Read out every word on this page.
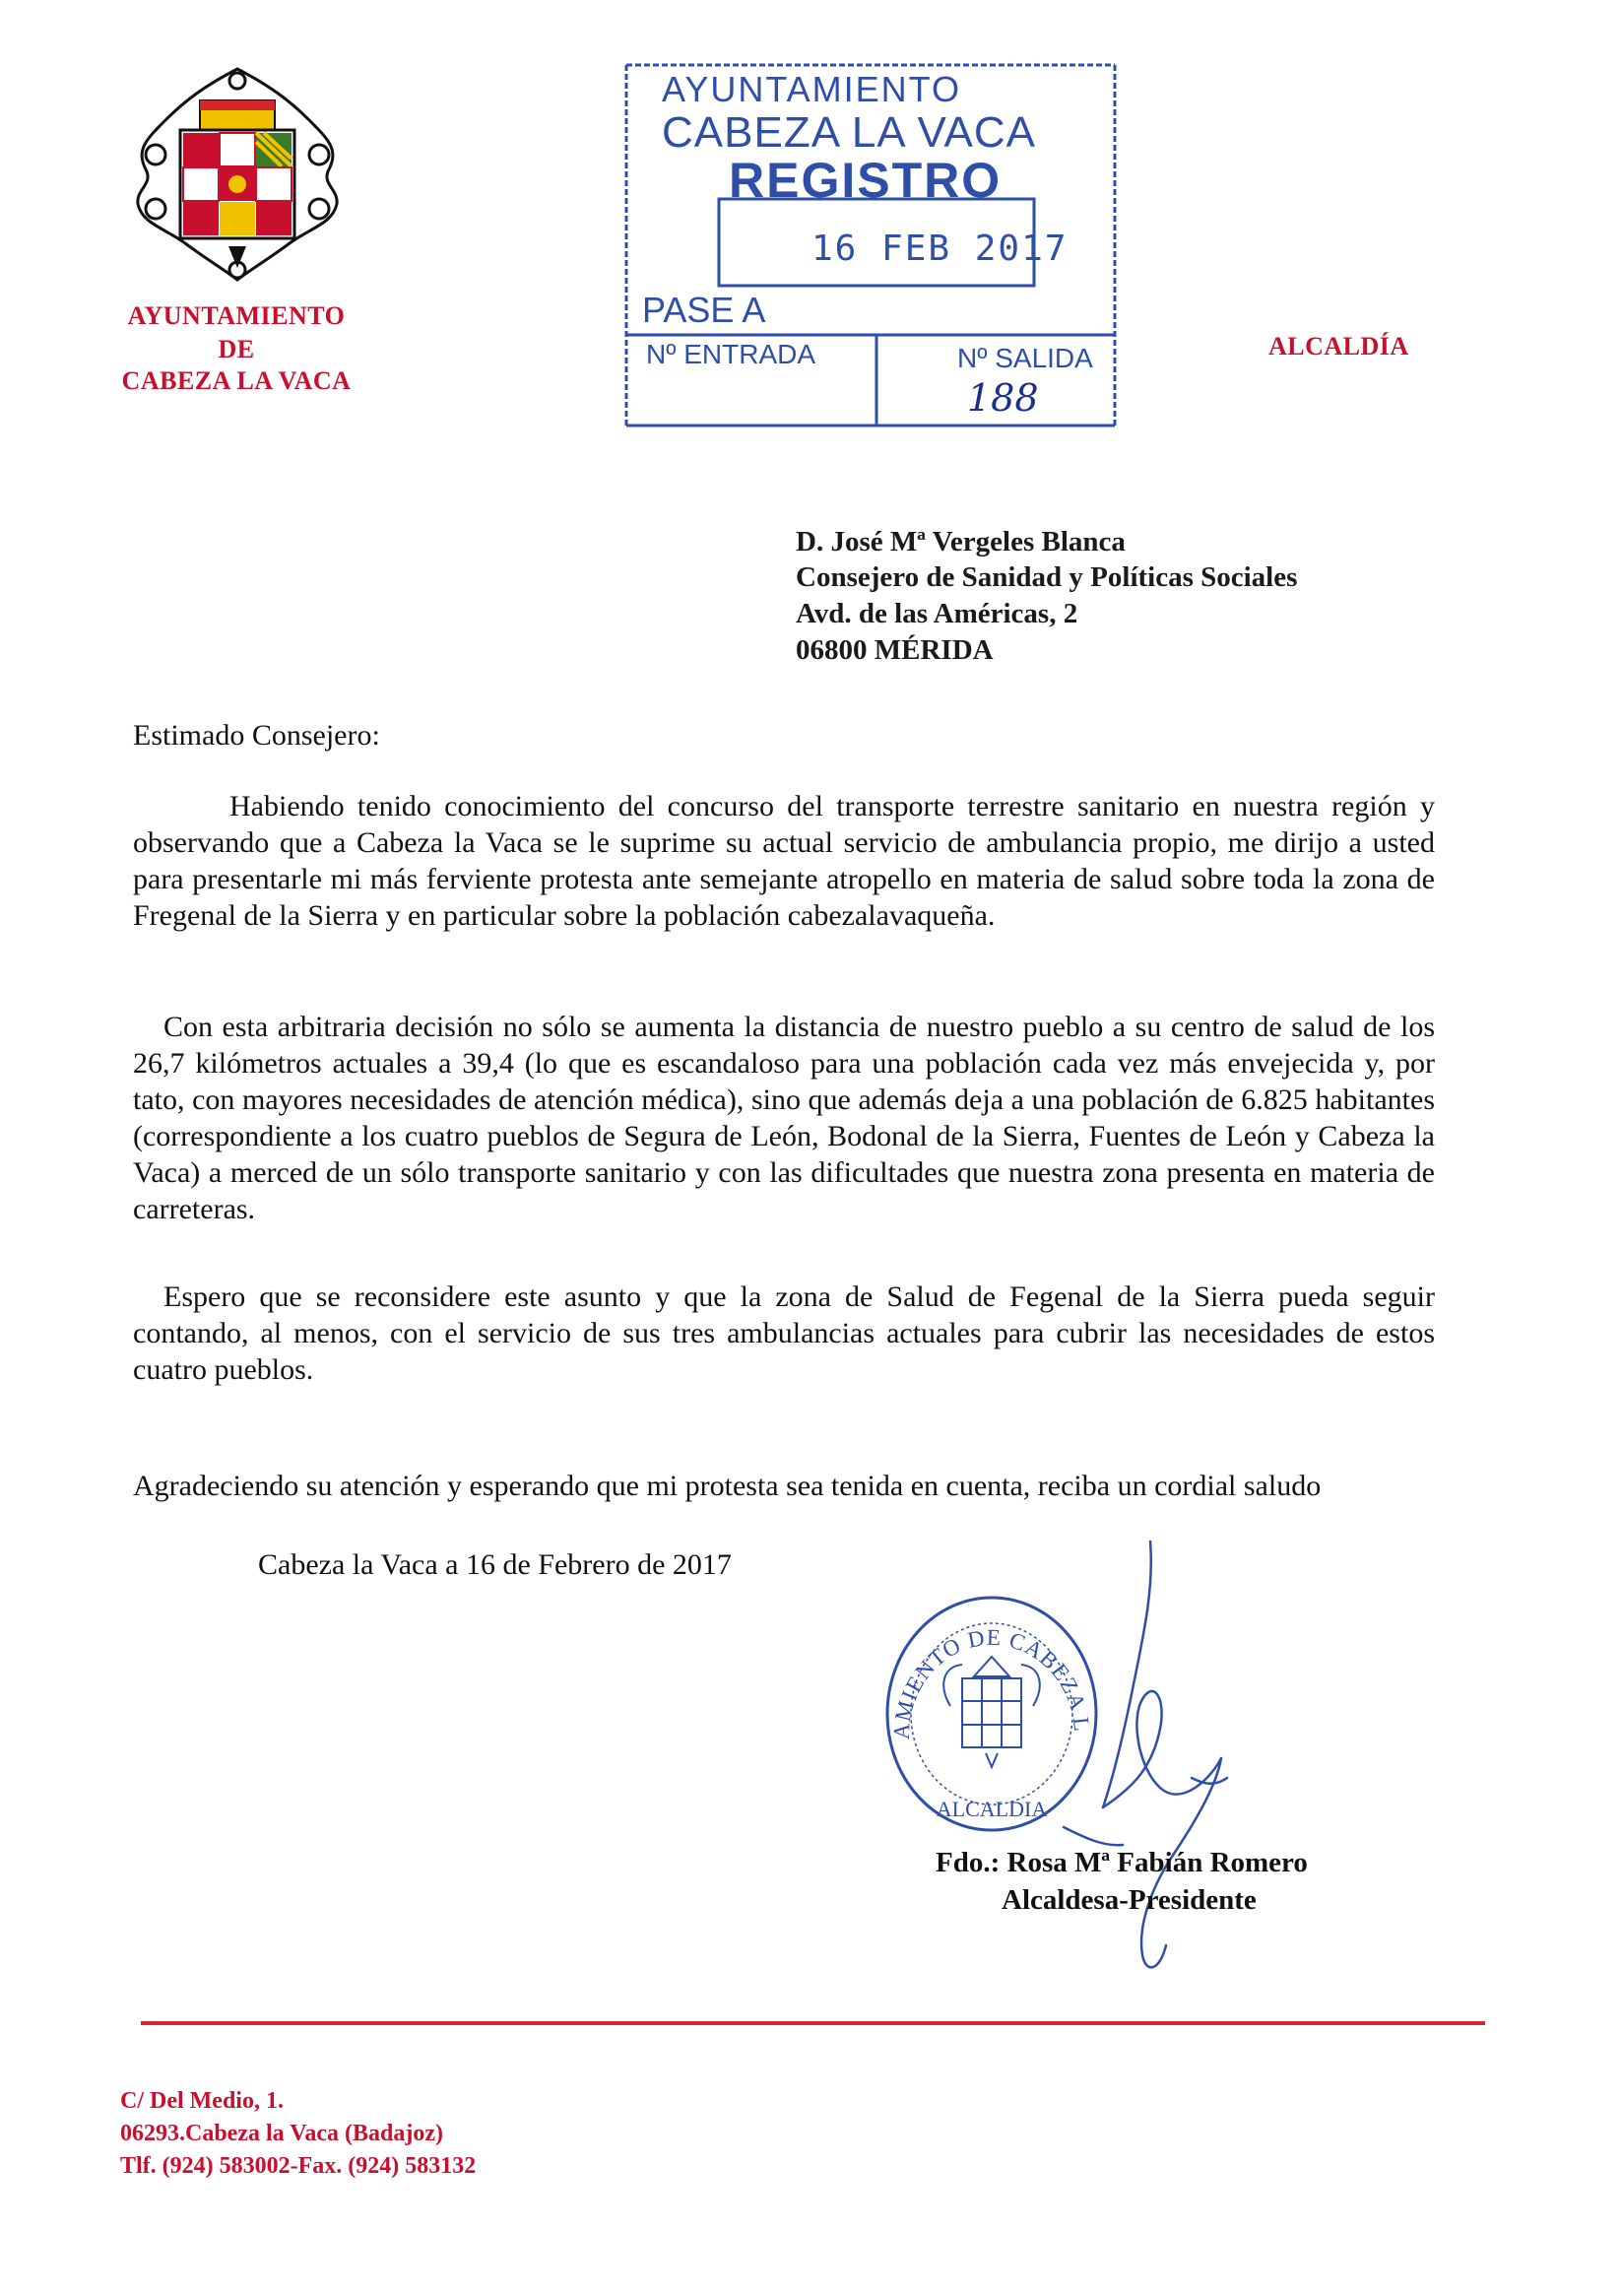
AYUNTAMIENTO
DE
CABEZA LA VACA
ALCALDÍA
AYUNTAMIENTO
CABEZA LA VACA
REGISTRO
16 FEB 2017
PASE A
Nº ENTRADA	Nº SALIDA
188
D. José Mª Vergeles Blanca
Consejero de Sanidad y Políticas Sociales
Avd. de las Américas, 2
06800 MÉRIDA
Estimado Consejero:
Habiendo tenido conocimiento del concurso del transporte terrestre sanitario en nuestra región y observando que a Cabeza la Vaca se le suprime su actual servicio de ambulancia propio, me dirijo a usted para presentarle mi más ferviente protesta ante semejante atropello en materia de salud sobre toda la zona de Fregenal de la Sierra y en particular sobre la población cabezalavaqueña.
Con esta arbitraria decisión no sólo se aumenta la distancia de nuestro pueblo a su centro de salud de los 26,7 kilómetros actuales a 39,4 (lo que es escandaloso para una población cada vez más envejecida y, por tato, con mayores necesidades de atención médica), sino que además deja a una población de 6.825 habitantes (correspondiente a los cuatro pueblos de Segura de León, Bodonal de la Sierra, Fuentes de León y Cabeza la Vaca) a merced de un sólo transporte sanitario y con las dificultades que nuestra zona presenta en materia de carreteras.
Espero que se reconsidere este asunto y que la zona de Salud de Fegenal de la Sierra pueda seguir contando, al menos, con el servicio de sus tres ambulancias actuales para cubrir las necesidades de estos cuatro pueblos.
Agradeciendo su atención y esperando que mi protesta sea tenida en cuenta, reciba un cordial saludo
Cabeza la Vaca a 16 de Febrero de 2017
AMIENTO DE CABEZA L
ALCALDIA
Fdo.: Rosa Mª Fabián Romero
Alcaldesa-Presidente
C/ Del Medio, 1.
06293.Cabeza la Vaca (Badajoz)
Tlf. (924) 583002-Fax. (924) 583132
